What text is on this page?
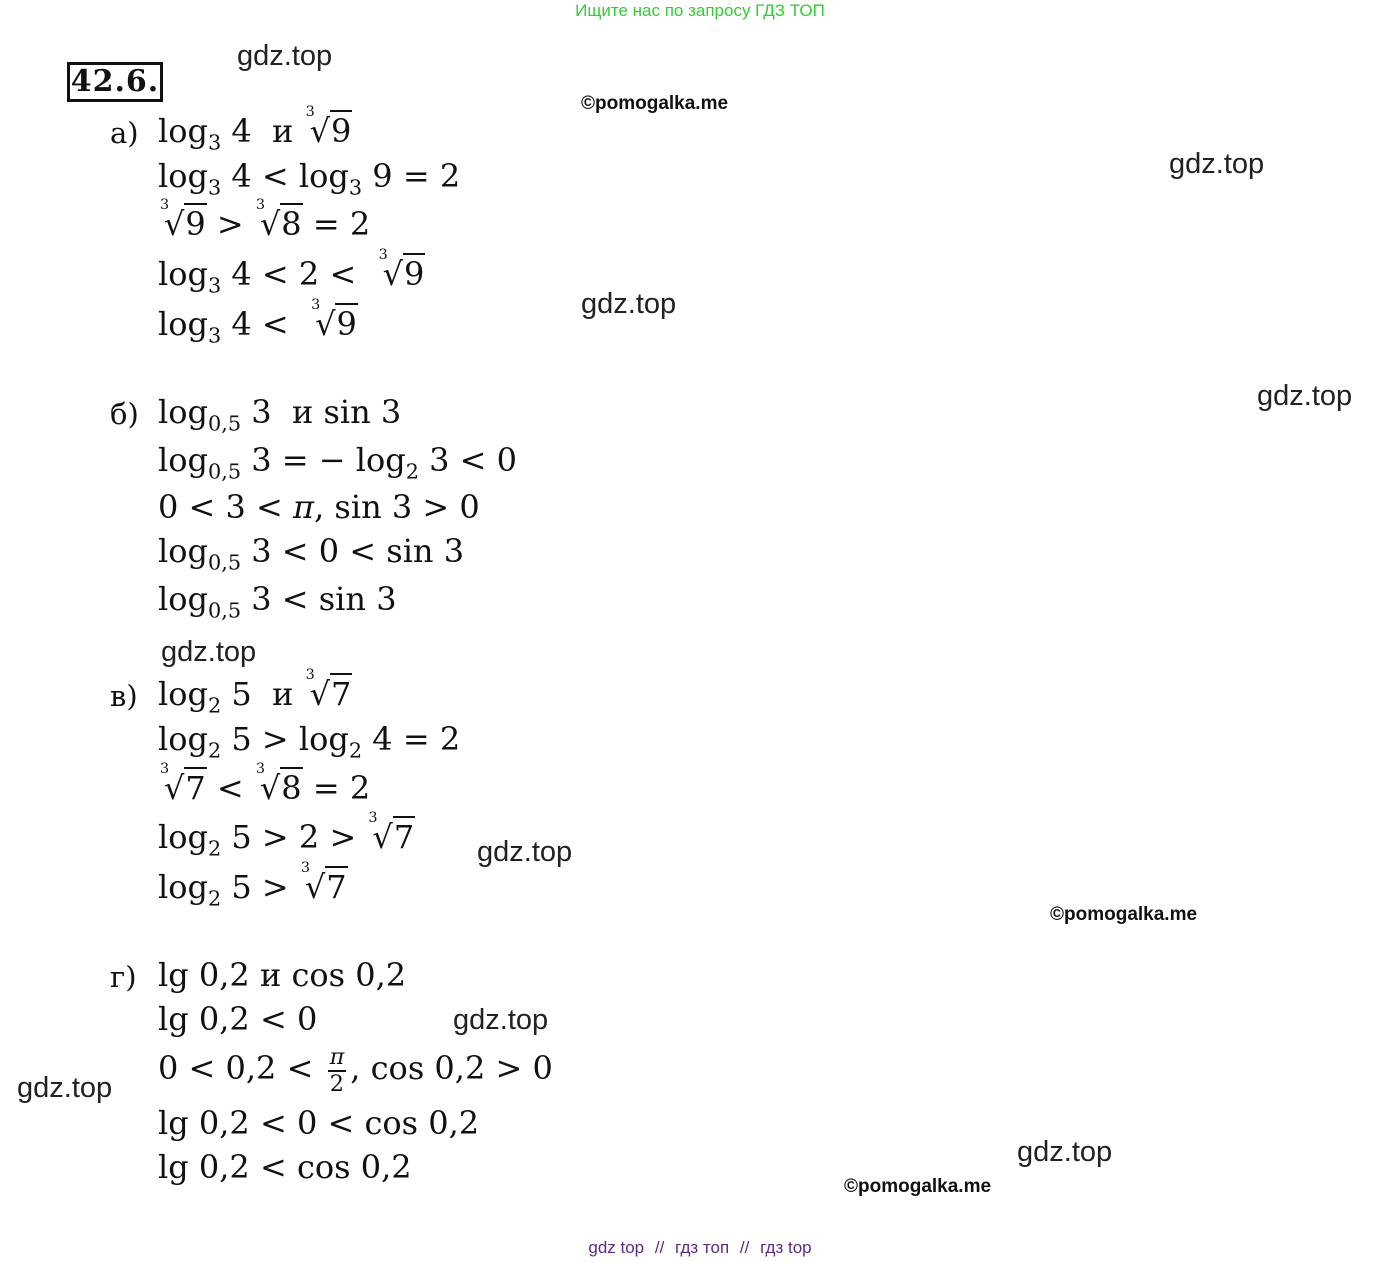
Ищите нас по запросу ГДЗ ТОП
42.6.
gdz.top
©pomogalka.me
gdz.top
gdz.top
gdz.top
gdz.top
gdz.top
©pomogalka.me
gdz.top
gdz.top
gdz.top
©pomogalka.me
а) $\log_3 4$ и 3
√9
$\log_3 4 < \log_3 9 = 2$
3
√9 > 3
√8 = 2
$\log_3 4 < 2 < 3$
√9
$\log_3 4 < 3$
√9
б) $\log_{0,5} 3$ и sin 3
$\log_{0,5} 3$ = − $\log_2 3 < 0$
0 < 3 < π, sin 3 > 0
$\log_{0,5} 3 < 0 < \sin 3$
$\log_{0,5} 3 < \sin 3$
в) $\log_2 5$ и 3
√7
$\log_2 5 > \log_2 4 = 2$
3
√7 < 3
√8 = 2
$\log_2 5 > 2 > 3$
√7
$\log_2 5 > 3$
√7
г) lg 0,2 и cos 0,2
lg 0,2 < 0
$0 < 0,2 < \frac{\pi}{2}$ , cos 0,2 > 0
lg 0,2 < 0 < cos 0,2
lg 0,2 < cos 0,2
gdz top // гдз топ // гдз top
